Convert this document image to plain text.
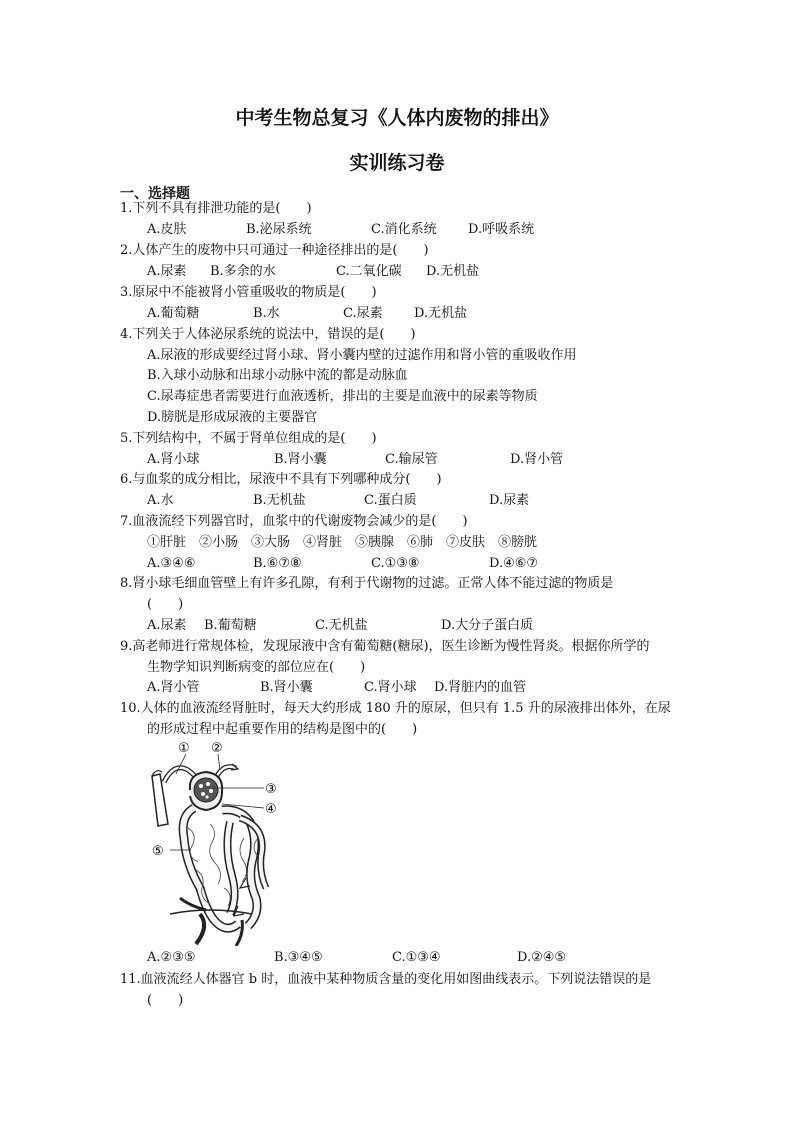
中考生物总复习《人体内废物的排出》
实训练习卷
一、选择题
1.下列不具有排泄功能的是(　　)
A.皮肤	B.泌尿系统	C.消化系统 D.呼吸系统
2.人体产生的废物中只可通过一种途径排出的是(　　)
A.尿素 B.多余的水	C.二氧化碳 D.无机盐
3.原尿中不能被肾小管重吸收的物质是(　　)
A.葡萄糖	B.水	C.尿素 D.无机盐
4.下列关于人体泌尿系统的说法中，错误的是(　　)
A.尿液的形成要经过肾小球、肾小囊内壁的过滤作用和肾小管的重吸收作用
B.入球小动脉和出球小动脉中流的都是动脉血
C.尿毒症患者需要进行血液透析，排出的主要是血液中的尿素等物质
D.膀胱是形成尿液的主要器官
5.下列结构中，不属于肾单位组成的是(　　)
A.肾小球	B.肾小囊	C.输尿管	D.肾小管
6.与血浆的成分相比，尿液中不具有下列哪种成分(　　)
A.水	B.无机盐	C.蛋白质	D.尿素
7.血液流经下列器官时，血浆中的代谢废物会减少的是(　　)
①肝脏　②小肠　③大肠　④肾脏　⑤胰腺　⑥肺　⑦皮肤　⑧膀胱
A.③④⑥	B.⑥⑦⑧	C.①③⑧	D.④⑥⑦
8.肾小球毛细血管壁上有许多孔隙，有利于代谢物的过滤。正常人体不能过滤的物质是
(　　)
A.尿素 B.葡萄糖	C.无机盐	D.大分子蛋白质
9.高老师进行常规体检，发现尿液中含有葡萄糖(糖尿)，医生诊断为慢性肾炎。根据你所学的
生物学知识判断病变的部位应在(　　)
A.肾小管	B.肾小囊	C.肾小球 D.肾脏内的血管
10.人体的血液流经肾脏时，每天大约形成 180 升的原尿，但只有 1.5 升的尿液排出体外，在尿
的形成过程中起重要作用的结构是图中的(　　)
① ②
③
④
⑤
A.②③⑤	B.③④⑤	C.①③④	D.②④⑤
11.血液流经人体器官 b 时，血液中某种物质含量的变化用如图曲线表示。下列说法错误的是
(　　)
